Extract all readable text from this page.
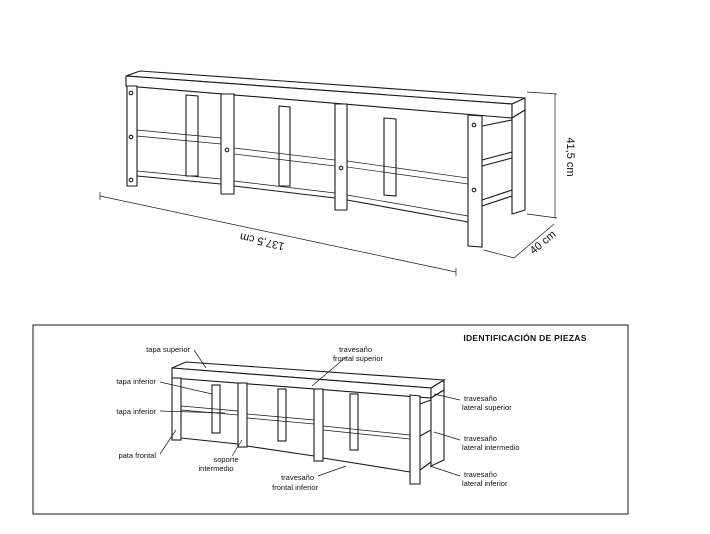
137,5 cm
41,5 cm
40 cm
IDENTIFICACIÓN DE PIEZAS
tapa superior
tapa inferior
tapa inferior
pata frontal	soporte
intermedio
travesaño
frontal superior
travesaño
frontal inferior
travesaño
lateral superior
travesaño
lateral intermedio
travesaño
lateral inferior
